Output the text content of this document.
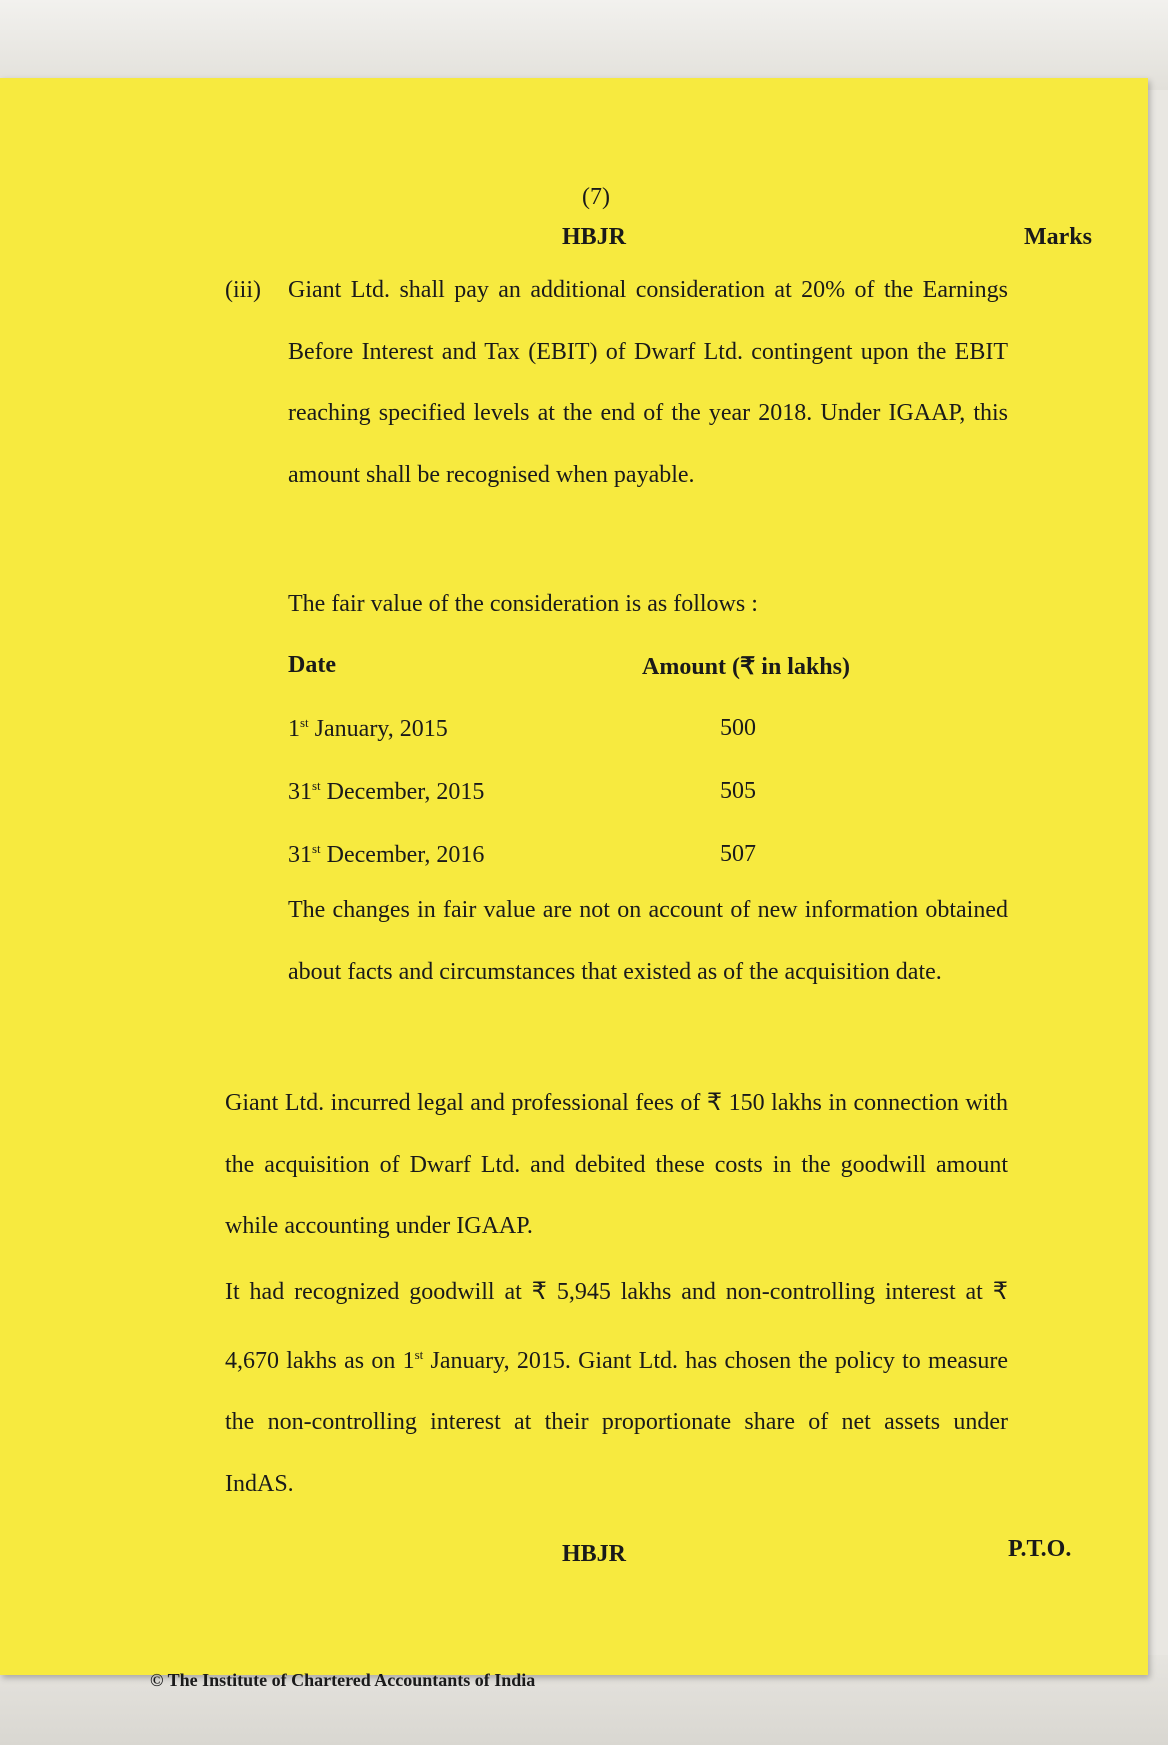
(7)
HBJR	Marks
(iii) Giant Ltd. shall pay an additional consideration at 20% of the Earnings Before Interest and Tax (EBIT) of Dwarf Ltd. contingent upon the EBIT reaching specified levels at the end of the year 2018. Under IGAAP, this amount shall be recognised when payable.
The fair value of the consideration is as follows :
Date	Amount (₹ in lakhs)
1st January, 2015	500
31st December, 2015	505
31st December, 2016	507
The changes in fair value are not on account of new information obtained about facts and circumstances that existed as of the acquisition date.
Giant Ltd. incurred legal and professional fees of ₹ 150 lakhs in connection with the acquisition of Dwarf Ltd. and debited these costs in the goodwill amount while accounting under IGAAP.
It had recognized goodwill at ₹ 5,945 lakhs and non-controlling interest at ₹ 4,670 lakhs as on 1st January, 2015. Giant Ltd. has chosen the policy to measure the non-controlling interest at their proportionate share of net assets under IndAS.
HBJR	P.T.O.
© The Institute of Chartered Accountants of India
